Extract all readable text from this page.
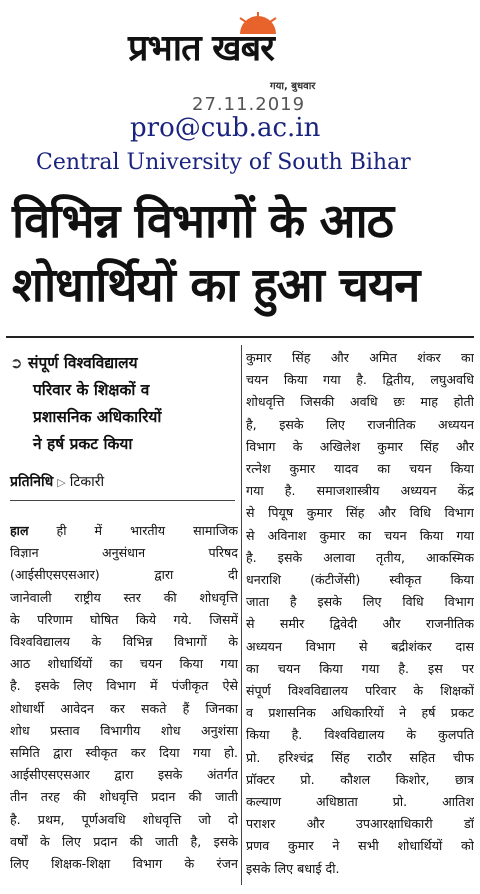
प्रभात खबर
गया, बुधवार
27.11.2019
pro@cub.ac.in
Central University of South Bihar
विभिन्न विभागों के आठ
शोधार्थियों का हुआ चयन
➲ संपूर्ण विश्वविद्यालय
परिवार के शिक्षकों व
प्रशासनिक अधिकारियों
ने हर्ष प्रकट किया
प्रतिनिधि ▷ टिकारी
हाल ही में भारतीय सामाजिक
विज्ञान अनुसंधान परिषद
(आईसीएसएसआर) द्वारा दी
जानेवाली राष्ट्रीय स्तर की शोधवृत्ति
के परिणाम घोषित किये गये. जिसमें
विश्वविद्यालय के विभिन्न विभागों के
आठ शोधार्थियों का चयन किया गया
है. इसके लिए विभाग में पंजीकृत ऐसे
शोधार्थी आवेदन कर सकते हैं जिनका
शोध प्रस्ताव विभागीय शोध अनुशंसा
समिति द्वारा स्वीकृत कर दिया गया हो.
आईसीएसएसआर द्वारा इसके अंतर्गत
तीन तरह की शोधवृत्ति प्रदान की जाती
है. प्रथम, पूर्णअवधि शोधवृत्ति जो दो
वर्षों के लिए प्रदान की जाती है, इसके
लिए शिक्षक-शिक्षा विभाग के रंजन
कुमार सिंह और अमित शंकर का
चयन किया गया है. द्वितीय, लघुअवधि
शोधवृत्ति जिसकी अवधि छः माह होती
है, इसके लिए राजनीतिक अध्ययन
विभाग के अखिलेश कुमार सिंह और
रत्नेश कुमार यादव का चयन किया
गया है. समाजशास्त्रीय अध्ययन केंद्र
से पियूष कुमार सिंह और विधि विभाग
से अविनाश कुमार का चयन किया गया
है. इसके अलावा तृतीय, आकस्मिक
धनराशि (कंटीजेंसी) स्वीकृत किया
जाता है इसके लिए विधि विभाग
से समीर द्विवेदी और राजनीतिक
अध्ययन विभाग से बद्रीशंकर दास
का चयन किया गया है. इस पर
संपूर्ण विश्वविद्यालय परिवार के शिक्षकों
व प्रशासनिक अधिकारियों ने हर्ष प्रकट
किया है. विश्वविद्यालय के कुलपति
प्रो. हरिश्चंद्र सिंह राठौर सहित चीफ
प्रॉक्टर प्रो. कौशल किशोर, छात्र
कल्याण अधिष्ठाता प्रो. आतिश
पराशर और उपआरक्षाधिकारी डॉ
प्रणव कुमार ने सभी शोधार्थियों को
इसके लिए बधाई दी.
